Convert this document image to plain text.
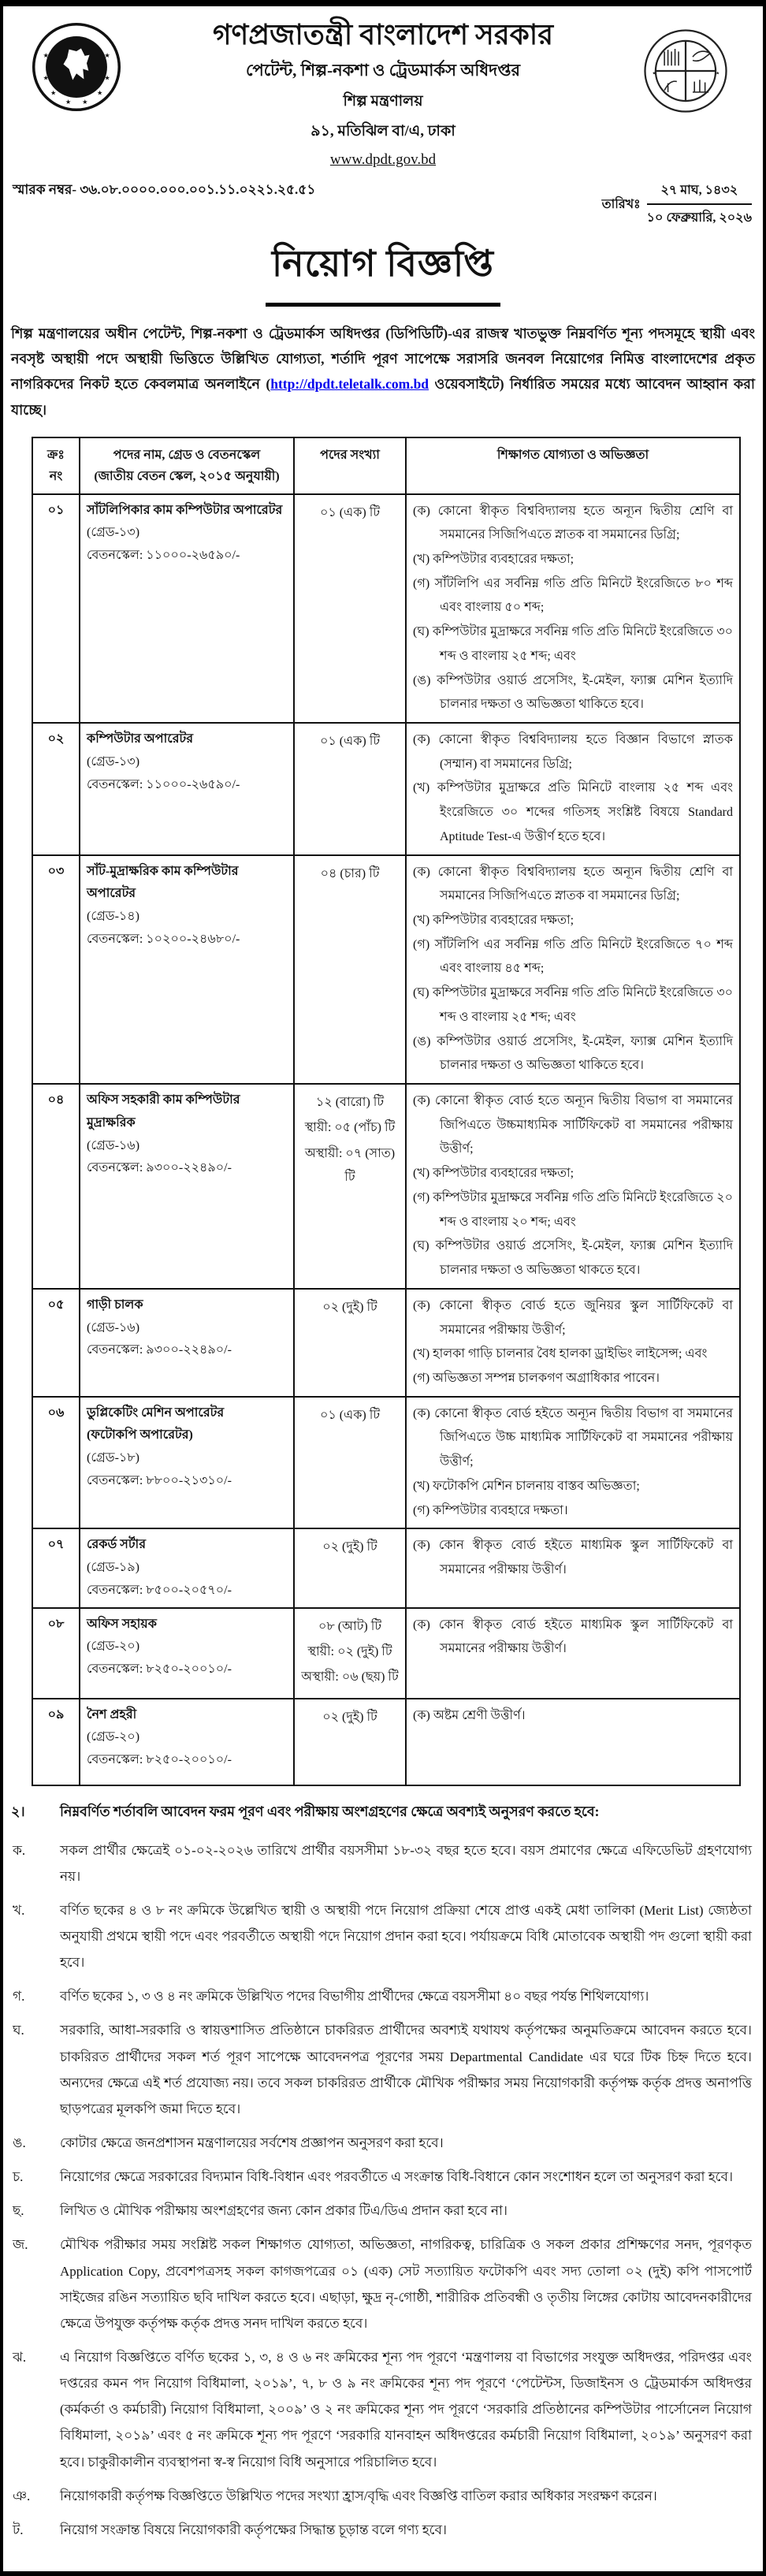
★	★
★	★
★ ★
★	★
★	★
গণপ্রজাতন্ত্রী বাংলাদেশ সরকার
পেটেন্ট, শিল্প-নকশা ও ট্রেডমার্কস অধিদপ্তর
শিল্প মন্ত্রণালয়
৯১, মতিঝিল বা/এ, ঢাকা
www.dpdt.gov.bd
স্মারক নম্বর- ৩৬.০৮.০০০০.০০০.০০১.১১.০২২১.২৫.৫১
তারিখঃ $\frac{\text{২৭ মাঘ, ১৪৩২}}{\text{১০ ফেব্রুয়ারি, ২০২৬}}$
নিয়োগ বিজ্ঞপ্তি

শিল্প মন্ত্রণালয়ের অধীন পেটেন্ট, শিল্প-নকশা ও ট্রেডমার্কস অধিদপ্তর (ডিপিডিটি)-এর রাজস্ব খাতভুক্ত নিম্নবর্ণিত শূন্য পদসমূহে স্থায়ী এবং নবসৃষ্ট অস্থায়ী পদে অস্থায়ী ভিত্তিতে উল্লিখিত যোগ্যতা, শর্তাদি পূরণ সাপেক্ষে সরাসরি জনবল নিয়োগের নিমিত্ত বাংলাদেশের প্রকৃত নাগরিকদের নিকট হতে কেবলমাত্র অনলাইনে (http://dpdt.teletalk.com.bd ওয়েবসাইটে) নির্ধারিত সময়ের মধ্যে আবেদন আহ্বান করা যাচ্ছে।

ক্রঃ
নং

পদের নাম, গ্রেড ও বেতনস্কেল
(জাতীয় বেতন স্কেল, ২০১৫ অনুযায়ী)
	পদের সংখ্যা	শিক্ষাগত যোগ্যতা ও অভিজ্ঞতা
০১	সাঁটলিপিকার কাম কম্পিউটার অপারেটর
(গ্রেড-১৩)
বেতনস্কেল: ১১০০০-২৬৫৯০/-

০১ (এক) টি	(ক) কোনো স্বীকৃত বিশ্ববিদ্যালয় হতে অন্যূন দ্বিতীয় শ্রেণি বা সমমানের সিজিপিএতে স্নাতক বা সমমানের ডিগ্রি;
(খ) কম্পিউটার ব্যবহারের দক্ষতা;
(গ) সাঁটলিপি এর সর্বনিম্ন গতি প্রতি মিনিটে ইংরেজিতে ৮০ শব্দ এবং বাংলায় ৫০ শব্দ;
(ঘ) কম্পিউটার মুদ্রাক্ষরে সর্বনিম্ন গতি প্রতি মিনিটে ইংরেজিতে ৩০ শব্দ ও বাংলায় ২৫ শব্দ; এবং
(ঙ) কম্পিউটার ওয়ার্ড প্রসেসিং, ই-মেইল, ফ্যাক্স মেশিন ইত্যাদি চালনার দক্ষতা ও অভিজ্ঞতা থাকিতে হবে।

০২	কম্পিউটার অপারেটর
(গ্রেড-১৩)
বেতনস্কেল: ১১০০০-২৬৫৯০/-

০১ (এক) টি	(ক) কোনো স্বীকৃত বিশ্ববিদ্যালয় হতে বিজ্ঞান বিভাগে স্নাতক (সম্মান) বা সমমানের ডিগ্রি;
(খ) কম্পিউটার মুদ্রাক্ষরে প্রতি মিনিটে বাংলায় ২৫ শব্দ এবং ইংরেজিতে ৩০ শব্দের গতিসহ সংশ্লিষ্ট বিষয়ে Standard Aptitude Test-এ উত্তীর্ণ হতে হবে।

০৩	সাঁট-মুদ্রাক্ষরিক কাম কম্পিউটার
অপারেটর
(গ্রেড-১৪)
বেতনস্কেল: ১০২০০-২৪৬৮০/-

০৪ (চার) টি	(ক) কোনো স্বীকৃত বিশ্ববিদ্যালয় হতে অন্যূন দ্বিতীয় শ্রেণি বা সমমানের সিজিপিএতে স্নাতক বা সমমানের ডিগ্রি;
(খ) কম্পিউটার ব্যবহারের দক্ষতা;
(গ) সাঁটলিপি এর সর্বনিম্ন গতি প্রতি মিনিটে ইংরেজিতে ৭০ শব্দ এবং বাংলায় ৪৫ শব্দ;
(ঘ) কম্পিউটার মুদ্রাক্ষরে সর্বনিম্ন গতি প্রতি মিনিটে ইংরেজিতে ৩০ শব্দ ও বাংলায় ২৫ শব্দ; এবং
(ঙ) কম্পিউটার ওয়ার্ড প্রসেসিং, ই-মেইল, ফ্যাক্স মেশিন ইত্যাদি চালনার দক্ষতা ও অভিজ্ঞতা থাকিতে হবে।

০৪	অফিস সহকারী কাম কম্পিউটার
মুদ্রাক্ষরিক
(গ্রেড-১৬)
বেতনস্কেল: ৯৩০০-২২৪৯০/-

১২ (বারো) টি
স্থায়ী: ০৫ (পাঁচ) টি
অস্থায়ী: ০৭ (সাত) টি

(ক) কোনো স্বীকৃত বোর্ড হতে অন্যূন দ্বিতীয় বিভাগ বা সমমানের জিপিএতে উচ্চমাধ্যমিক সার্টিফিকেট বা সমমানের পরীক্ষায় উত্তীর্ণ;
(খ) কম্পিউটার ব্যবহারের দক্ষতা;
(গ) কম্পিউটার মুদ্রাক্ষরে সর্বনিম্ন গতি প্রতি মিনিটে ইংরেজিতে ২০ শব্দ ও বাংলায় ২০ শব্দ; এবং
(ঘ) কম্পিউটার ওয়ার্ড প্রসেসিং, ই-মেইল, ফ্যাক্স মেশিন ইত্যাদি চালনার দক্ষতা ও অভিজ্ঞতা থাকতে হবে।

০৫	গাড়ী চালক
(গ্রেড-১৬)
বেতনস্কেল: ৯৩০০-২২৪৯০/-

০২ (দুই) টি	(ক) কোনো স্বীকৃত বোর্ড হতে জুনিয়র স্কুল সার্টিফিকেট বা সমমানের পরীক্ষায় উত্তীর্ণ;
(খ) হালকা গাড়ি চালনার বৈধ হালকা ড্রাইভিং লাইসেন্স; এবং
(গ) অভিজ্ঞতা সম্পন্ন চালকগণ অগ্রাধিকার পাবেন।

০৬	ডুপ্লিকেটিং মেশিন অপারেটর
(ফটোকপি অপারেটর)
(গ্রেড-১৮)
বেতনস্কেল: ৮৮০০-২১৩১০/-

০১ (এক) টি	(ক) কোনো স্বীকৃত বোর্ড হইতে অন্যূন দ্বিতীয় বিভাগ বা সমমানের জিপিএতে উচ্চ মাধ্যমিক সার্টিফিকেট বা সমমানের পরীক্ষায় উত্তীর্ণ;
(খ) ফটোকপি মেশিন চালনায় বাস্তব অভিজ্ঞতা;
(গ) কম্পিউটার ব্যবহারে দক্ষতা।

০৭	রেকর্ড সর্টার
(গ্রেড-১৯)
বেতনস্কেল: ৮৫০০-২০৫৭০/-	০২ (দুই) টি	(ক) কোন স্বীকৃত বোর্ড হইতে মাধ্যমিক স্কুল সার্টিফিকেট বা সমমানের পরীক্ষায় উত্তীর্ণ।

০৮	অফিস সহায়ক
(গ্রেড-২০)
বেতনস্কেল: ৮২৫০-২০০১০/-

০৮ (আট) টি
স্থায়ী: ০২ (দুই) টি
অস্থায়ী: ০৬ (ছয়) টি

(ক) কোন স্বীকৃত বোর্ড হইতে মাধ্যমিক স্কুল সার্টিফিকেট বা সমমানের পরীক্ষায় উত্তীর্ণ।

০৯	নৈশ প্রহরী
(গ্রেড-২০)
বেতনস্কেল: ৮২৫০-২০০১০/-	০২ (দুই) টি	(ক) অষ্টম শ্রেণী উত্তীর্ণ।
২।	নিম্নবর্ণিত শর্তাবলি আবেদন ফরম পূরণ এবং পরীক্ষায় অংশগ্রহণের ক্ষেত্রে অবশ্যই অনুসরণ করতে হবে:
ক.	সকল প্রার্থীর ক্ষেত্রেই ০১-০২-২০২৬ তারিখে প্রার্থীর বয়সসীমা ১৮-৩২ বছর হতে হবে। বয়স প্রমাণের ক্ষেত্রে এফিডেভিট গ্রহণযোগ্য নয়।
খ.	বর্ণিত ছকের ৪ ও ৮ নং ক্রমিকে উল্লেখিত স্থায়ী ও অস্থায়ী পদে নিয়োগ প্রক্রিয়া শেষে প্রাপ্ত একই মেধা তালিকা (Merit List) জ্যেষ্ঠতা অনুযায়ী প্রথমে স্থায়ী পদে এবং পরবর্তীতে অস্থায়ী পদে নিয়োগ প্রদান করা হবে। পর্যায়ক্রমে বিধি মোতাবেক অস্থায়ী পদ গুলো স্থায়ী করা হবে।
গ.	বর্ণিত ছকের ১, ৩ ও ৪ নং ক্রমিকে উল্লিখিত পদের বিভাগীয় প্রার্থীদের ক্ষেত্রে বয়সসীমা ৪০ বছর পর্যন্ত শিথিলযোগ্য।
ঘ.	সরকারি, আধা-সরকারি ও স্বায়ত্তশাসিত প্রতিষ্ঠানে চাকরিরত প্রার্থীদের অবশ্যই যথাযথ কর্তৃপক্ষের অনুমতিক্রমে আবেদন করতে হবে। চাকরিরত প্রার্থীদের সকল শর্ত পূরণ সাপেক্ষে আবেদনপত্র পূরণের সময় Departmental Candidate এর ঘরে টিক চিহ্ন দিতে হবে। অন্যদের ক্ষেত্রে এই শর্ত প্রযোজ্য নয়। তবে সকল চাকরিরত প্রার্থীকে মৌখিক পরীক্ষার সময় নিয়োগকারী কর্তৃপক্ষ কর্তৃক প্রদত্ত অনাপত্তি ছাড়পত্রের মূলকপি জমা দিতে হবে।
ঙ.	কোটার ক্ষেত্রে জনপ্রশাসন মন্ত্রণালয়ের সর্বশেষ প্রজ্ঞাপন অনুসরণ করা হবে।
চ.	নিয়োগের ক্ষেত্রে সরকারের বিদ্যমান বিধি-বিধান এবং পরবর্তীতে এ সংক্রান্ত বিধি-বিধানে কোন সংশোধন হলে তা অনুসরণ করা হবে।
ছ.	লিখিত ও মৌখিক পরীক্ষায় অংশগ্রহণের জন্য কোন প্রকার টিএ/ডিএ প্রদান করা হবে না।
জ.	মৌখিক পরীক্ষার সময় সংশ্লিষ্ট সকল শিক্ষাগত যোগ্যতা, অভিজ্ঞতা, নাগরিকত্ব, চারিত্রিক ও সকল প্রকার প্রশিক্ষণের সনদ, পূরণকৃত Application Copy, প্রবেশপত্রসহ সকল কাগজপত্রের ০১ (এক) সেট সত্যায়িত ফটোকপি এবং সদ্য তোলা ০২ (দুই) কপি পাসপোর্ট সাইজের রঙিন সত্যায়িত ছবি দাখিল করতে হবে। এছাড়া, ক্ষুদ্র নৃ-গোষ্ঠী, শারীরিক প্রতিবন্ধী ও তৃতীয় লিঙ্গের কোটায় আবেদনকারীদের ক্ষেত্রে উপযুক্ত কর্তৃপক্ষ কর্তৃক প্রদত্ত সনদ দাখিল করতে হবে।
ঝ.	এ নিয়োগ বিজ্ঞপ্তিতে বর্ণিত ছকের ১, ৩, ৪ ও ৬ নং ক্রমিকের শূন্য পদ পূরণে ‘মন্ত্রণালয় বা বিভাগের সংযুক্ত অধিদপ্তর, পরিদপ্তর এবং দপ্তরের কমন পদ নিয়োগ বিধিমালা, ২০১৯’, ৭, ৮ ও ৯ নং ক্রমিকের শূন্য পদ পূরণে ‘পেটেন্টস, ডিজাইনস ও ট্রেডমার্কস অধিদপ্তর (কর্মকর্তা ও কর্মচারী) নিয়োগ বিধিমালা, ২০০৯’ ও ২ নং ক্রমিকের শূন্য পদ পূরণে ‘সরকারি প্রতিষ্ঠানের কম্পিউটার পার্সোনেল নিয়োগ বিধিমালা, ২০১৯’ এবং ৫ নং ক্রমিকে শূন্য পদ পূরণে ‘সরকারি যানবাহন অধিদপ্তরের কর্মচারী নিয়োগ বিধিমালা, ২০১৯’ অনুসরণ করা হবে। চাকুরীকালীন ব্যবস্থাপনা স্ব-স্ব নিয়োগ বিধি অনুসারে পরিচালিত হবে।
ঞ.	নিয়োগকারী কর্তৃপক্ষ বিজ্ঞপ্তিতে উল্লিখিত পদের সংখ্যা হ্রাস/বৃদ্ধি এবং বিজ্ঞপ্তি বাতিল করার অধিকার সংরক্ষণ করেন।
ট.	নিয়োগ সংক্রান্ত বিষয়ে নিয়োগকারী কর্তৃপক্ষের সিদ্ধান্ত চূড়ান্ত বলে গণ্য হবে।
